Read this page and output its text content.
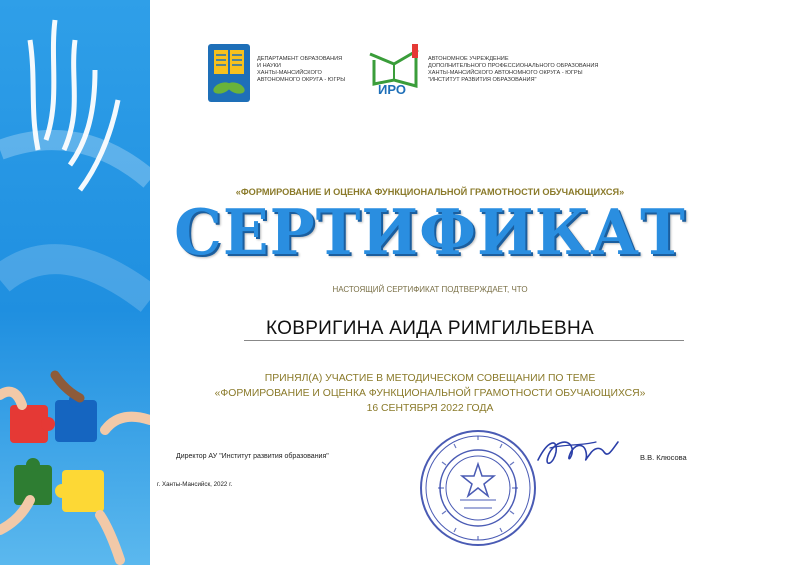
ДЕПАРТАМЕНТ ОБРАЗОВАНИЯ
И НАУКИ
ХАНТЫ-МАНСИЙСКОГО
АВТОНОМНОГО ОКРУГА - ЮГРЫ
ИРО
АВТОНОМНОЕ УЧРЕЖДЕНИЕ
ДОПОЛНИТЕЛЬНОГО ПРОФЕССИОНАЛЬНОГО ОБРАЗОВАНИЯ
ХАНТЫ-МАНСИЙСКОГО АВТОНОМНОГО ОКРУГА - ЮГРЫ
"ИНСТИТУТ РАЗВИТИЯ ОБРАЗОВАНИЯ"
«ФОРМИРОВАНИЕ И ОЦЕНКА ФУНКЦИОНАЛЬНОЙ ГРАМОТНОСТИ ОБУЧАЮЩИХСЯ»
СЕРТИФИКАТ
НАСТОЯЩИЙ СЕРТИФИКАТ ПОДТВЕРЖДАЕТ, ЧТО
КОВРИГИНА АИДА РИМГИЛЬЕВНА
ПРИНЯЛ(А) УЧАСТИЕ В МЕТОДИЧЕСКОМ СОВЕЩАНИИ ПО ТЕМЕ
«ФОРМИРОВАНИЕ И ОЦЕНКА ФУНКЦИОНАЛЬНОЙ ГРАМОТНОСТИ ОБУЧАЮЩИХСЯ»
16 СЕНТЯБРЯ 2022 ГОДА
Директор АУ "Институт развития образования"	В.В. Клюсова
г. Ханты-Мансийск, 2022 г.
